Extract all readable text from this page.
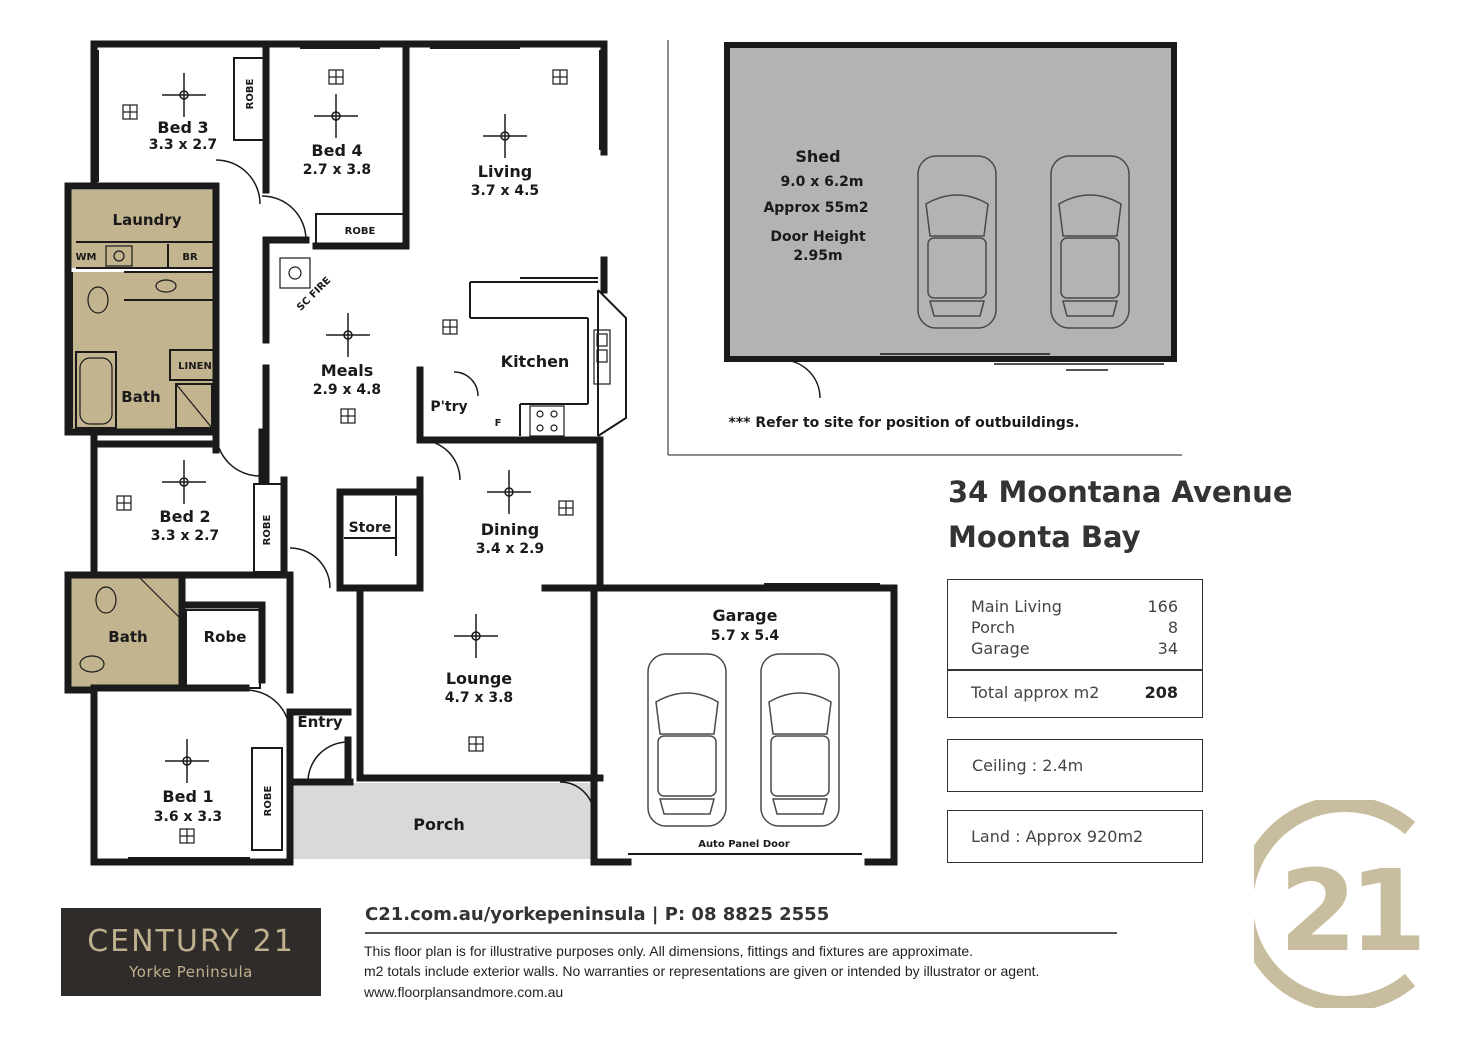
Bed 3
3.3 x 2.7	Bed 4
2.7 x 3.8	Living
3.7 x 4.5
Laundry
Bath
LINEN	Meals
2.9 x 4.8
Kitchen
P'try
Bed 2
3.3 x 2.7	Store	Dining
3.4 x 2.9
Bath	Robe
Entry
Lounge
4.7 x 3.8
Bed 1
3.6 x 3.3	Porch
Garage
5.7 x 5.4
ROBE
ROBE
ROBE
ROBE
WM	BR
F
SC FIRE
Auto Panel Door
Shed
9.0 x 6.2m
Approx 55m2
Door Height
2.95m
*** Refer to site for position of outbuildings.
34 Moontana Avenue
Moonta Bay
Main Living	166
Porch	8
Garage	34
Total approx m2	208
Ceiling : 2.4m
Land : Approx 920m2
CENTURY 21
Yorke Peninsula
C21.com.au/yorkepeninsula | P: 08 8825 2555
This floor plan is for illustrative purposes only. All dimensions, fittings and fixtures are approximate.
m2 totals include exterior walls. No warranties or representations are given or intended by illustrator or agent.
www.floorplansandmore.com.au
21
